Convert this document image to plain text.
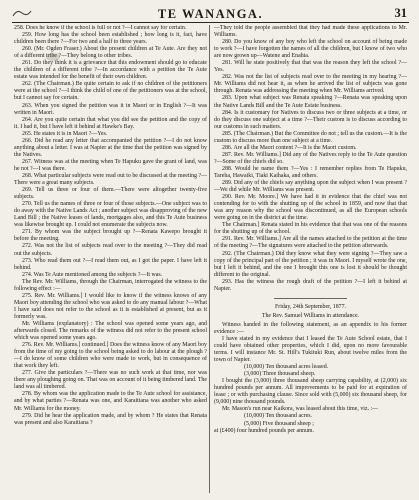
TE WANANGA.	31

258. Does he know if the school is full or not ?—I cannot say for certain.

259. How long has the school been established ; how long is it, fact, have children been there ?—For two and a half to three years.

260. (Mr. Ogden Fraser.) About the present children at Te Aute. Are they not of a different tribe ?—They belong to other tribes.

261. Do they think it is a grievance that this endowment should go to educate the children of a different tribe ?—In accordance with a petition the Te Aute estate was intended for the benefit of their own children.

262. (The Chairman.) Be quite certain to ask if no children of the petitioners were at the school ?—I think the child of one of the petitioners was at the school, but I cannot say for certain.

263. When you signed the petition was it in Maori or in English ?—It was written in Maori.

264. Are you quite certain that what you did see the petition and the copy of it. I had it, but I have left it behind at Hawke's Bay.

265. He states it is in Maori ?—Yes.

266. Did he read any letter that accompanied the petition ?—I do not know anything about a letter. I was at Napier at the time that the petition was signed by the Natives.

267. Witness was at the meeting when Te Hapuku gave the grant of land, was he not ?—I was there.

268. What particular subjects were read out to be discussed at the meeting ?—There were a great many subjects.

269. Tell us three or four of them.—There were altogether twenty-five subjects.

270. Tell us the names of three or four of those subjects.—One subject was to do away with the Native Lands Act ; another subject was disapproving of the new Land Bill ; the Native leases of lands, mortgages also, and this Te Aute business was likewise brought up. I could not enumerate the subjects now.

271. By whom was the subject brought up ?—Renata Kawepo brought it before the meeting.

272. Was not the list of subjects read over to the meeting ?—They did read out the subjects.

273. Who read them out ?—I read them out, as I got the paper. I have left it behind.

274. Was Te Aute mentioned among the subjects ?—It was.

The Rev. Mr. Williams, through the Chairman, interrogated the witness to the following effect :—

275. Rev. Mr. Williams.] I would like to know if the witness knows of any Maori boy attending the school who was asked to do any manual labour ?—What I have said does not refer to the school as it is established at present, but as it formerly was.

Mr. Williams (explanatory) : The school was opened some years ago, and afterwards closed. The remarks of the witness did not refer to the present school which was opened some years ago.

276. Rev. Mr. Williams.] continued.] Does the witness know of any Maori boy from the time of my going to the school being asked to do labour at the plough ?—I do know of some children who were made to work, but in consequence of that work they left.

277. Give the particulars ?—There was no such work at that time, nor was there any ploughing going on. That was on account of it being timbered land. The land was all timbered.

278. By whom was the application made to the Te Aute school for assistance, and by what parties ?—Renata was one, and Karaitiana was another who asked Mr. Williams for the money.

279. Did he hear the application made, and by whom ? He states that Renata was present and also Karaitiana ?

—They told the people assembled that they had made these applications to Mr. Williams.

280. Do you know of any boy who left the school on account of being made to work ?—I have forgotten the names of all the children, but I know of two who are now grown up—Watene and Enahia.

281. Will he state positively that that was the reason they left the school ?—Yes.

282. Was not the list of subjects read over to the meeting in my hearing ?—Mr. Williams did not hear it, as when he arrived the list of subjects was gone through. Renata was addressing the meeting when Mr. Williams arrived.

283. Upon what subject was Renata speaking ?—Renata was speaking upon the Native Lands Bill and the Te Aute Estate business.

284. Is it customary for Natives to discuss two or three subjects at a time, or do they discuss one subject at a time ?—Their custom is to discuss according to our customs in such matters.

285. (The Chairman.) But the Committee do not ; tell us the custom.—It is the custom to discuss more than one subject at a time.

286. Are all the Maori content ?—It is the Maori custom.

287. Rev. Mr. Williams.] Did any of the Natives reply to the Te Aute question ?—Some of the chiefs did so.

288. Would he name them ?—Yes : I remember replies from Te Hapuku, Tareha, Hawaiki, Tiaki Kaihaka, and others.

289. Did any of the chiefs say anything upon the subject when I was present ?—We did while Mr. Williams was present.

290. Rev. Mr. Moore.] We have had it in evidence that the chief was not contending for to with the shutting up of the school in 1859, and now that that was any reason why the school was discontinued, as all the European schools were going on in the district at the time.

The Chairman.] Renata stated in his evidence that that was one of the reasons for the shutting up of the school.

291. Rev. Mr. Williams.] Are all the names attached to the petition at the time of the meeting ?—The signatures were attached to the petition afterwards.

292. (The Chairman.) Did they know what they were signing ?—They saw a copy of the principal part of the petition ; it was in Maori. I myself wrote the one, but I left it behind, and the one I brought this one is lost it should be thought different to the original.

293. Has the witness the rough draft of the petition ?—I left it behind at Napier.

Friday, 24th September, 1877.

The Rev. Samuel Williams in attendance.

Witness handed in the following statement, as an appendix to his former evidence :—

I have stated in my evidence that I leased the Te Aute School estate, that I could have obtained other properties, which I did, upon no more favourable terms. I will instance Mr. St. Hill's Tukituki Run, about twelve miles from the town of Napier.

(10,000) Ten thousand acres leased.

(3,000) Three thousand sheep.

I bought the (3,000) three thousand sheep carrying capability, at (2,000) six hundred pounds per annum. All improvements to be paid for at expiration of lease ; or with purchasing clause. Since sold with (5,000) six thousand sheep, for (9,000) nine thousand pounds.

Mr. Mason's run near Kaikora, was leased about this time, viz. :—

(10,000) Ten thousand acres.

(5,000) Five thousand sheep ;

at (£400) four hundred pounds per annum.
